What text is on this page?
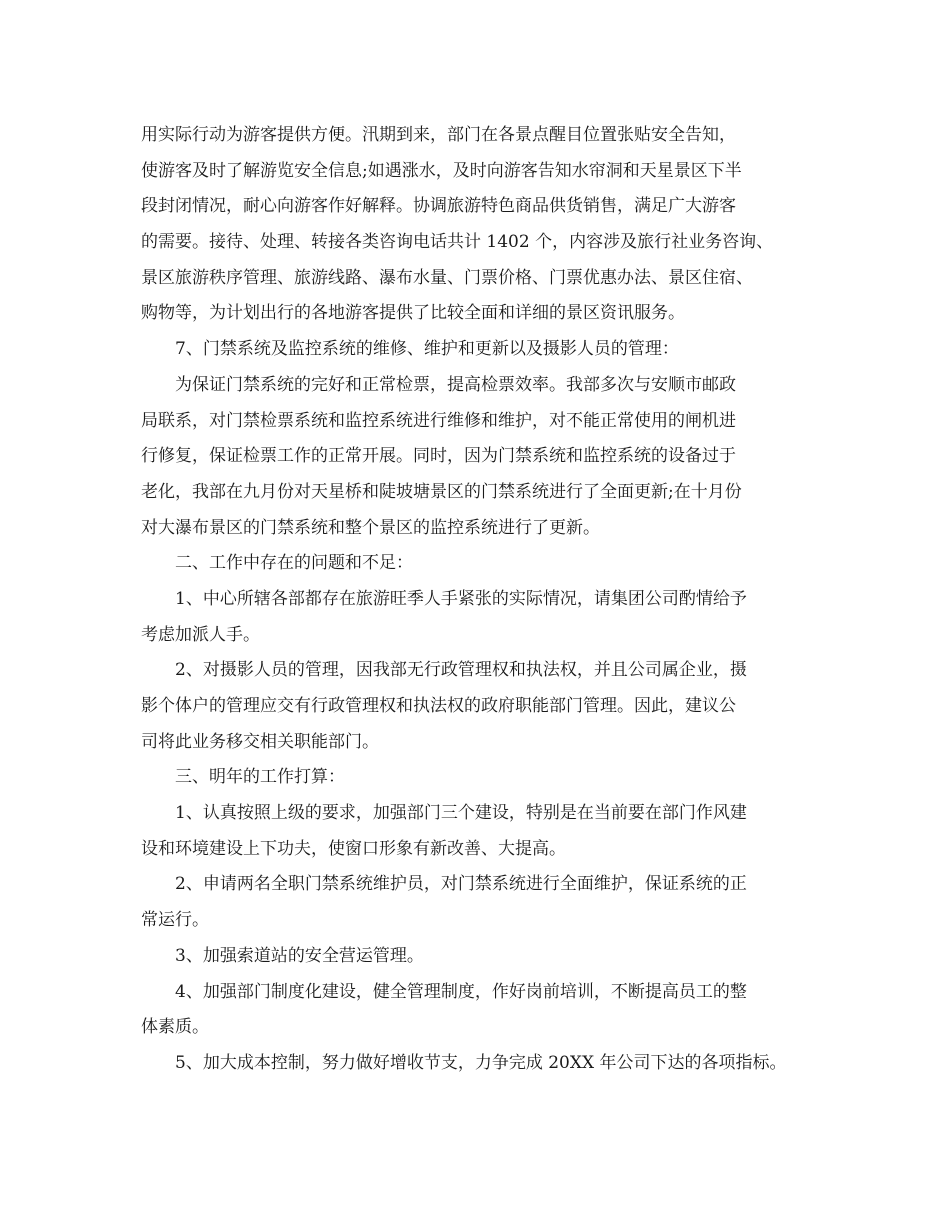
用实际行动为游客提供方便。汛期到来，部门在各景点醒目位置张贴安全告知，
使游客及时了解游览安全信息;如遇涨水，及时向游客告知水帘洞和天星景区下半
段封闭情况，耐心向游客作好解释。协调旅游特色商品供货销售，满足广大游客
的需要。接待、处理、转接各类咨询电话共计 1402 个，内容涉及旅行社业务咨询、
景区旅游秩序管理、旅游线路、瀑布水量、门票价格、门票优惠办法、景区住宿、
购物等，为计划出行的各地游客提供了比较全面和详细的景区资讯服务。
7、门禁系统及监控系统的维修、维护和更新以及摄影人员的管理：
为保证门禁系统的完好和正常检票，提高检票效率。我部多次与安顺市邮政
局联系，对门禁检票系统和监控系统进行维修和维护，对不能正常使用的闸机进
行修复，保证检票工作的正常开展。同时，因为门禁系统和监控系统的设备过于
老化，我部在九月份对天星桥和陡坡塘景区的门禁系统进行了全面更新;在十月份
对大瀑布景区的门禁系统和整个景区的监控系统进行了更新。
二、工作中存在的问题和不足：
1、中心所辖各部都存在旅游旺季人手紧张的实际情况，请集团公司酌情给予
考虑加派人手。
2、对摄影人员的管理，因我部无行政管理权和执法权，并且公司属企业，摄
影个体户的管理应交有行政管理权和执法权的政府职能部门管理。因此，建议公
司将此业务移交相关职能部门。
三、明年的工作打算：
1、认真按照上级的要求，加强部门三个建设，特别是在当前要在部门作风建
设和环境建设上下功夫，使窗口形象有新改善、大提高。
2、申请两名全职门禁系统维护员，对门禁系统进行全面维护，保证系统的正
常运行。
3、加强索道站的安全营运管理。
4、加强部门制度化建设，健全管理制度，作好岗前培训，不断提高员工的整
体素质。
5、加大成本控制，努力做好增收节支，力争完成 20XX 年公司下达的各项指标。
